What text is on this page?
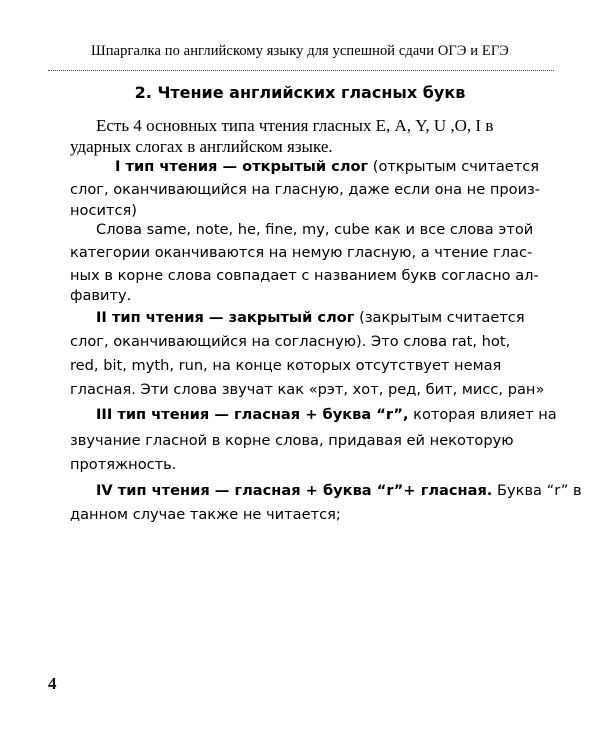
Шпаргалка по английскому языку для успешной сдачи ОГЭ и ЕГЭ
2. Чтение английских гласных букв
Есть 4 основных типа чтения гласных Е, А, Y, U ,O, I в
ударных слогах в английском языке.
I тип чтения — открытый слог (открытым считается
слог, оканчивающийся на гласную, даже если она не произ-
носится)
Слова same, note, he, fine, my, cube как и все слова этой
категории оканчиваются на немую гласную, а чтение глас-
ных в корне слова совпадает с названием букв согласно ал-
фавиту.
II тип чтения — закрытый слог (закрытым считается
слог, оканчивающийся на согласную). Это слова rat, hot,
red, bit, myth, run, на конце которых отсутствует немая
гласная. Эти слова звучат как «рэт, хот, ред, бит, мисс, ран»
III тип чтения — гласная + буква “r”, которая влияет на
звучание гласной в корне слова, придавая ей некоторую
протяжность.
IV тип чтения — гласная + буква “r”+ гласная. Буква “r” в
данном случае также не читается;
4
